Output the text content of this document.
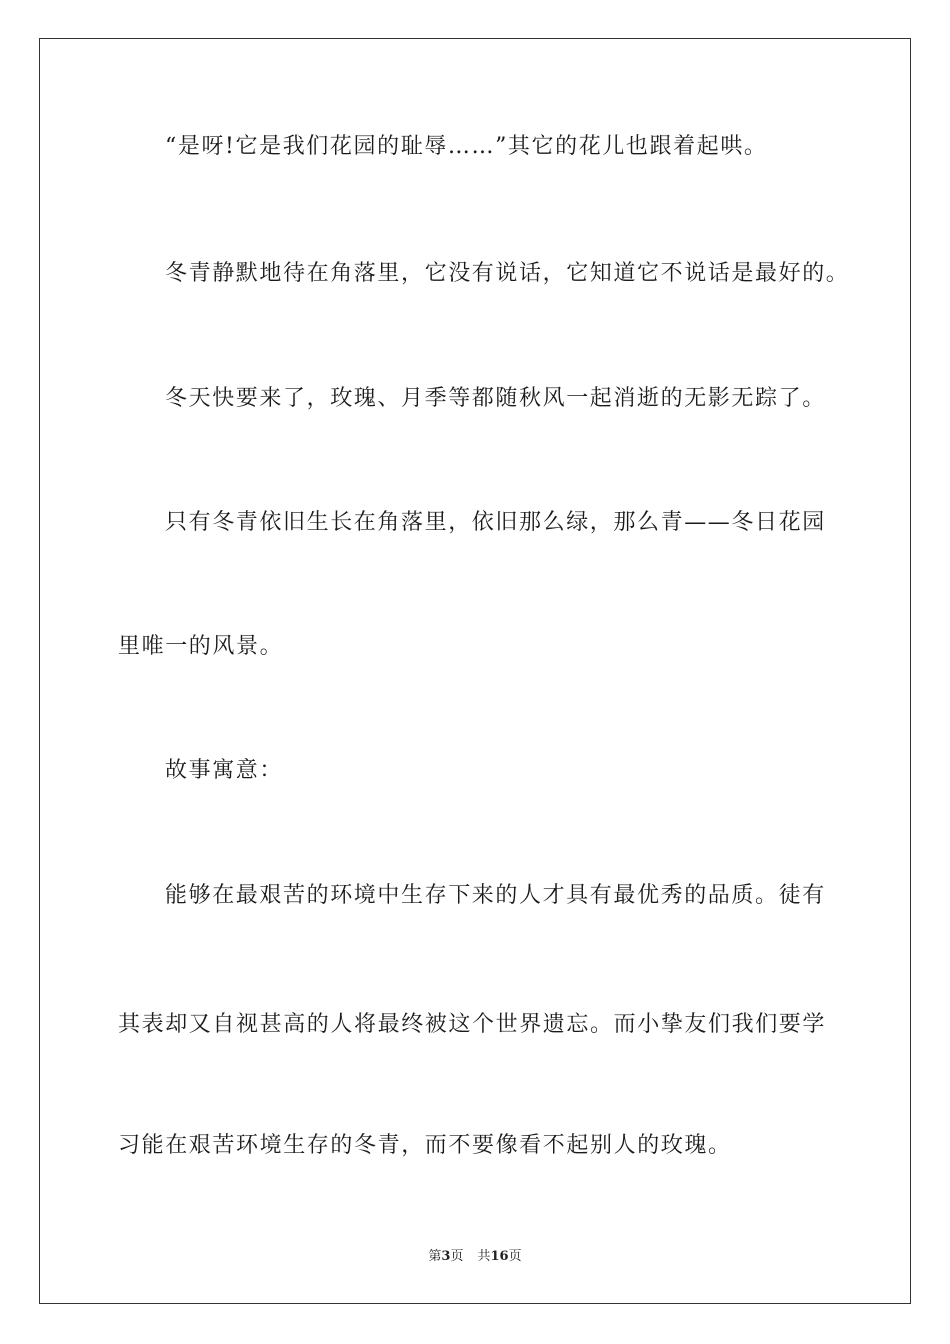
“是呀!它是我们花园的耻辱……”其它的花儿也跟着起哄。
冬青静默地待在角落里，它没有说话，它知道它不说话是最好的。
冬天快要来了，玫瑰、月季等都随秋风一起消逝的无影无踪了。
只有冬青依旧生长在角落里，依旧那么绿，那么青——冬日花园
里唯一的风景。
故事寓意：
能够在最艰苦的环境中生存下来的人才具有最优秀的品质。徒有
其表却又自视甚高的人将最终被这个世界遗忘。而小挚友们我们要学
习能在艰苦环境生存的冬青，而不要像看不起别人的玫瑰。
第3页 共16页
